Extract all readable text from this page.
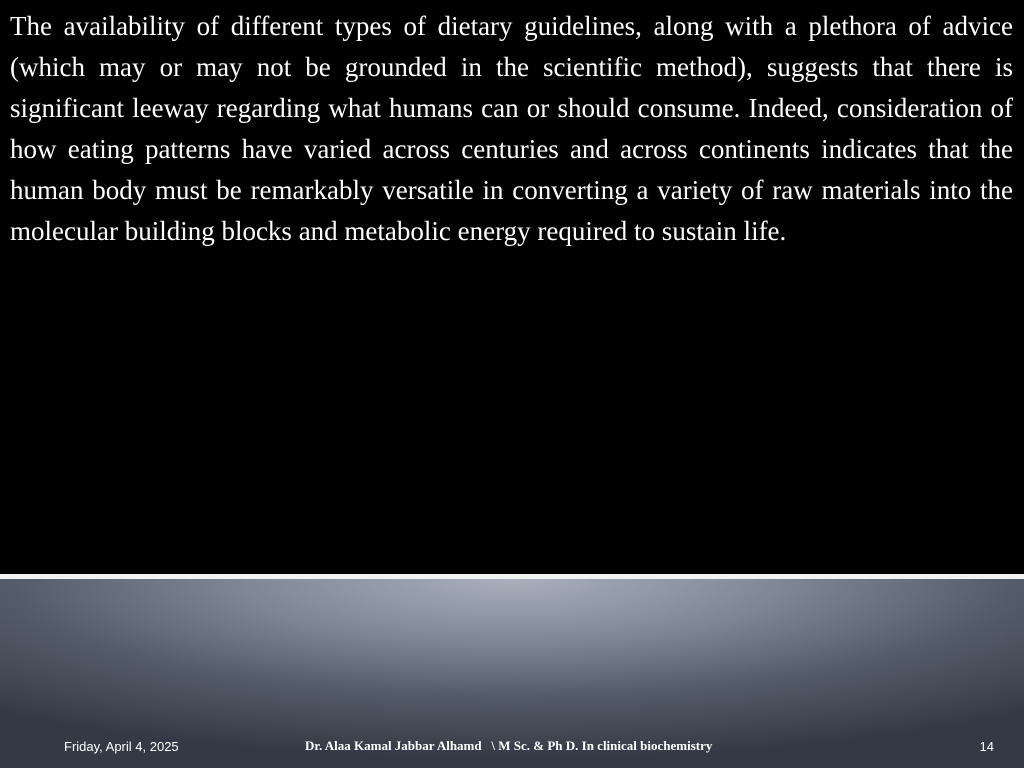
The availability of different types of dietary guidelines, along with a plethora of advice (which may or may not be grounded in the scientific method), suggests that there is significant leeway regarding what humans can or should consume. Indeed, consideration of how eating patterns have varied across centuries and across continents indicates that the human body must be remarkably versatile in converting a variety of raw materials into the molecular building blocks and metabolic energy required to sustain life.

Friday, April 4, 2025	Dr. Alaa Kamal Jabbar Alhamd   \ M Sc. & Ph D. In clinical biochemistry	14
